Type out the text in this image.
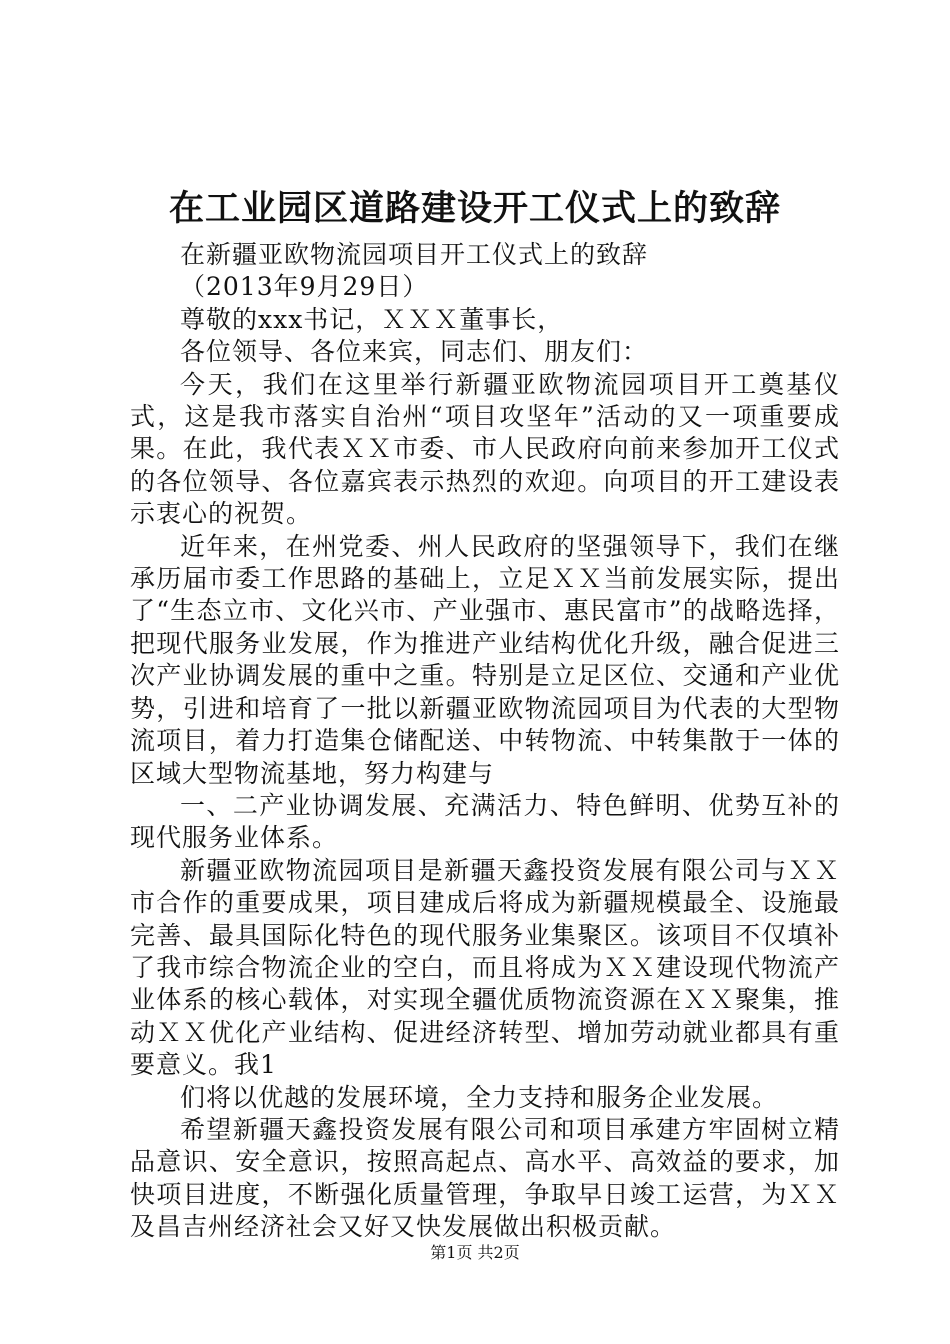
在工业园区道路建设开工仪式上的致辞

在新疆亚欧物流园项目开工仪式上的致辞

（2013年9月29日）

尊敬的xxx书记，ＸＸＸ董事长，

各位领导、各位来宾，同志们、朋友们：

今天，我们在这里举行新疆亚欧物流园项目开工奠基仪式，这是我市落实自治州“项目攻坚年”活动的又一项重要成果。在此，我代表ＸＸ市委、市人民政府向前来参加开工仪式的各位领导、各位嘉宾表示热烈的欢迎。向项目的开工建设表示衷心的祝贺。

近年来，在州党委、州人民政府的坚强领导下，我们在继承历届市委工作思路的基础上，立足ＸＸ当前发展实际，提出了“生态立市、文化兴市、产业强市、惠民富市”的战略选择，把现代服务业发展，作为推进产业结构优化升级，融合促进三次产业协调发展的重中之重。特别是立足区位、交通和产业优势，引进和培育了一批以新疆亚欧物流园项目为代表的大型物流项目，着力打造集仓储配送、中转物流、中转集散于一体的区域大型物流基地，努力构建与

一、二产业协调发展、充满活力、特色鲜明、优势互补的现代服务业体系。

新疆亚欧物流园项目是新疆天鑫投资发展有限公司与ＸＸ市合作的重要成果，项目建成后将成为新疆规模最全、设施最完善、最具国际化特色的现代服务业集聚区。该项目不仅填补了我市综合物流企业的空白，而且将成为ＸＸ建设现代物流产业体系的核心载体，对实现全疆优质物流资源在ＸＸ聚集，推动ＸＸ优化产业结构、促进经济转型、增加劳动就业都具有重要意义。我1

们将以优越的发展环境，全力支持和服务企业发展。

希望新疆天鑫投资发展有限公司和项目承建方牢固树立精品意识、安全意识，按照高起点、高水平、高效益的要求，加快项目进度，不断强化质量管理，争取早日竣工运营，为ＸＸ及昌吉州经济社会又好又快发展做出积极贡献。

第1页 共2页
